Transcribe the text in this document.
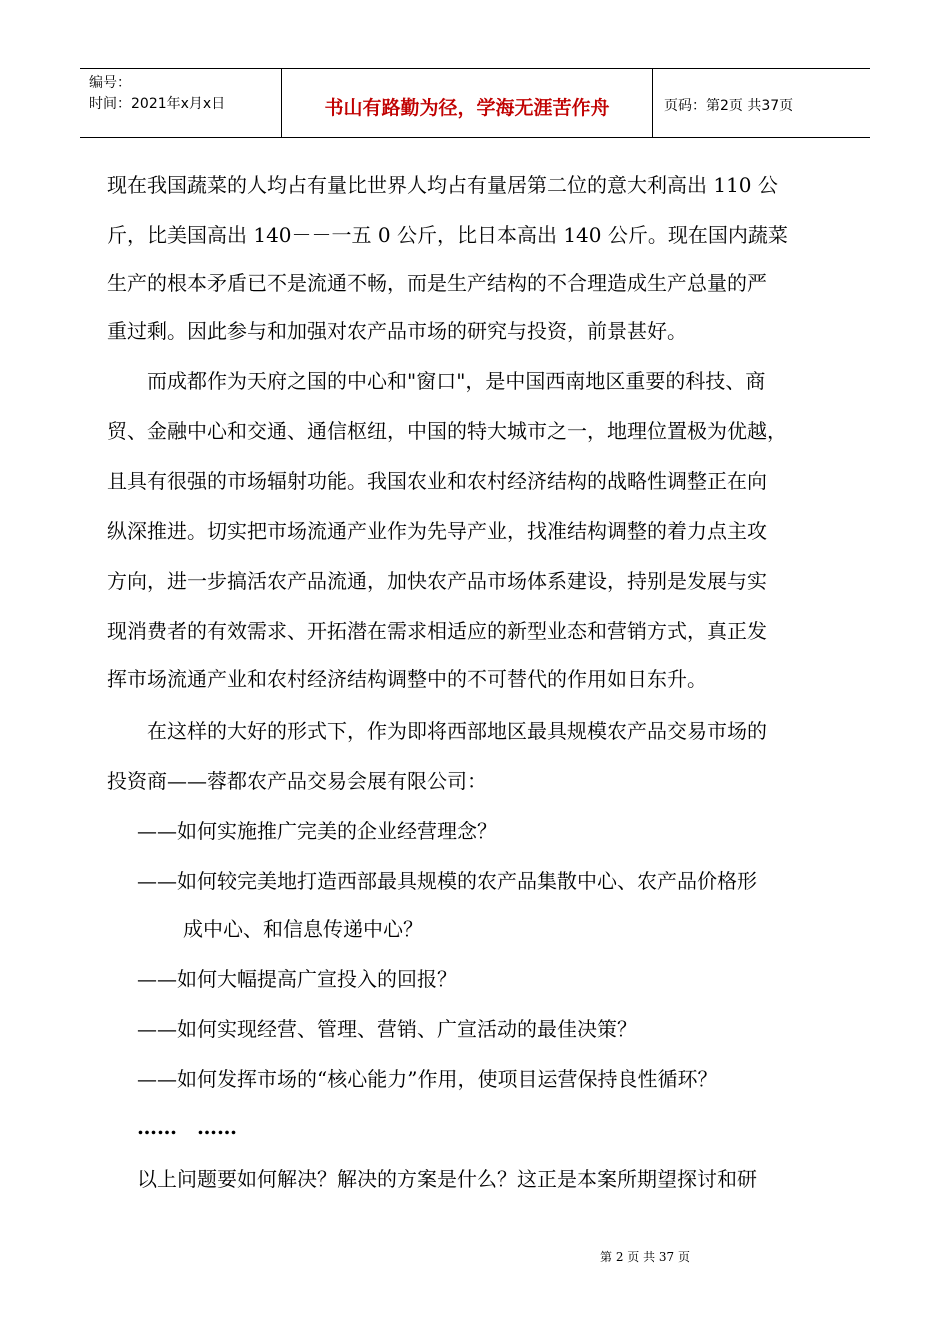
编号：
时间：2021年x月x日	书山有路勤为径，学海无涯苦作舟	页码：第2页 共37页

现在我国蔬菜的人均占有量比世界人均占有量居第二位的意大利高出 110 公

斤，比美国高出 140－－一五 0 公斤，比日本高出 140 公斤。现在国内蔬菜

生产的根本矛盾已不是流通不畅，而是生产结构的不合理造成生产总量的严

重过剩。因此参与和加强对农产品市场的研究与投资，前景甚好。

　而成都作为天府之国的中心和"窗口"，是中国西南地区重要的科技、商

贸、金融中心和交通、通信枢纽，中国的特大城市之一，地理位置极为优越，

且具有很强的市场辐射功能。我国农业和农村经济结构的战略性调整正在向

纵深推进。切实把市场流通产业作为先导产业，找准结构调整的着力点主攻

方向，进一步搞活农产品流通，加快农产品市场体系建设，持别是发展与实

现消费者的有效需求、开拓潜在需求相适应的新型业态和营销方式，真正发

挥市场流通产业和农村经济结构调整中的不可替代的作用如日东升。

　在这样的大好的形式下，作为即将西部地区最具规模农产品交易市场的

投资商——蓉都农产品交易会展有限公司：

——如何实施推广完美的企业经营理念？

——如何较完美地打造西部最具规模的农产品集散中心、农产品价格形

成中心、和信息传递中心？

——如何大幅提高广宣投入的回报？

——如何实现经营、管理、营销、广宣活动的最佳决策？

——如何发挥市场的“核心能力”作用，使项目运营保持良性循环？

……　……

以上问题要如何解决？解决的方案是什么？这正是本案所期望探讨和研

第 2 页 共 37 页
